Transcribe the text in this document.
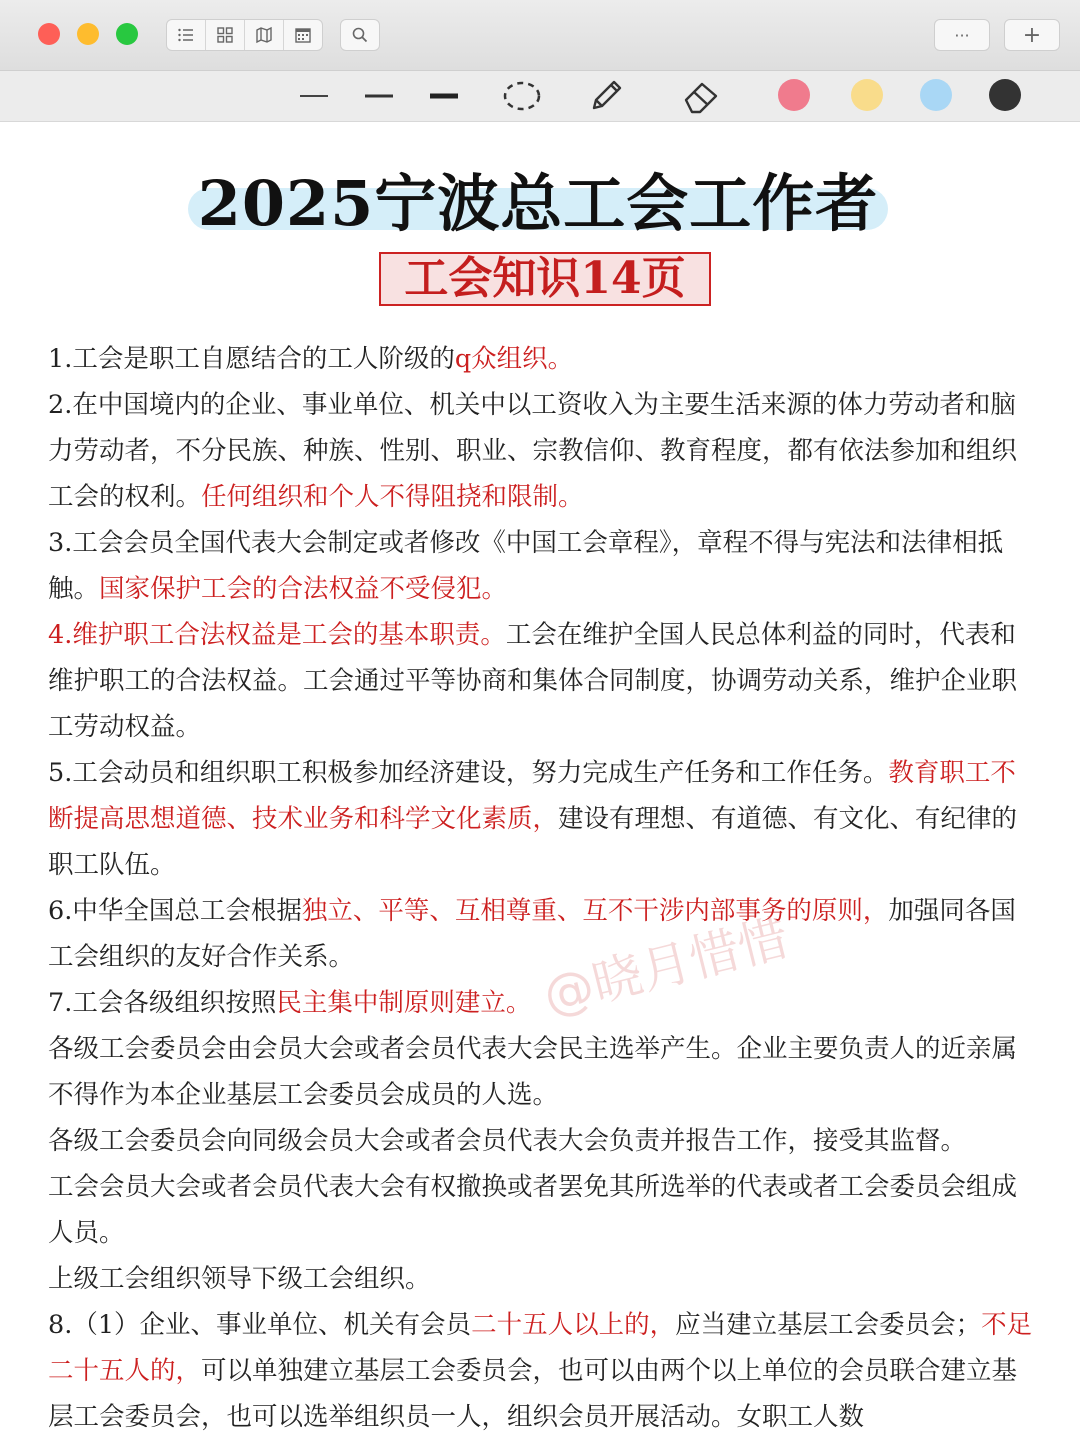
···	+
2025宁波总工会工作者
工会知识14页

1.工会是职工自愿结合的工人阶级的q众组织。

2.在中国境内的企业、事业单位、机关中以工资收入为主要生活来源的体力劳动者和脑力劳动者，不分民族、种族、性别、职业、宗教信仰、教育程度，都有依法参加和组织工会的权利。任何组织和个人不得阻挠和限制。

3.工会会员全国代表大会制定或者修改《中国工会章程》，章程不得与宪法和法律相抵触。国家保护工会的合法权益不受侵犯。

4.维护职工合法权益是工会的基本职责。工会在维护全国人民总体利益的同时，代表和维护职工的合法权益。工会通过平等协商和集体合同制度，协调劳动关系，维护企业职工劳动权益。

5.工会动员和组织职工积极参加经济建设，努力完成生产任务和工作任务。教育职工不断提高思想道德、技术业务和科学文化素质，建设有理想、有道德、有文化、有纪律的职工队伍。

6.中华全国总工会根据独立、平等、互相尊重、互不干涉内部事务的原则，加强同各国工会组织的友好合作关系。

7.工会各级组织按照民主集中制原则建立。

各级工会委员会由会员大会或者会员代表大会民主选举产生。企业主要负责人的近亲属不得作为本企业基层工会委员会成员的人选。

各级工会委员会向同级会员大会或者会员代表大会负责并报告工作，接受其监督。

工会会员大会或者会员代表大会有权撤换或者罢免其所选举的代表或者工会委员会组成人员。

上级工会组织领导下级工会组织。

8.（1）企业、事业单位、机关有会员二十五人以上的，应当建立基层工会委员会；不足二十五人的，可以单独建立基层工会委员会，也可以由两个以上单位的会员联合建立基层工会委员会，也可以选举组织员一人，组织会员开展活动。女职工人数

@晓月惜惜
